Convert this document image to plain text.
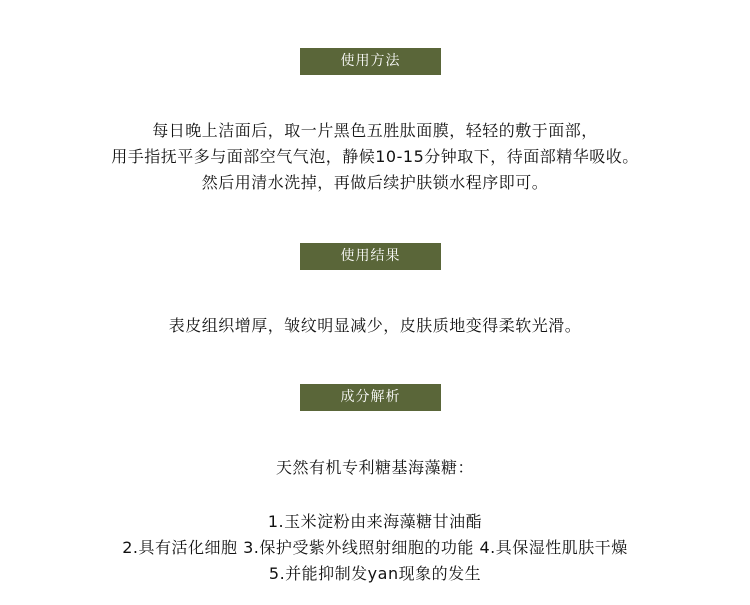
使用方法
每日晚上洁面后，取一片黑色五胜肽面膜，轻轻的敷于面部，
用手指抚平多与面部空气气泡，静候10-15分钟取下，待面部精华吸收。
然后用清水洗掉，再做后续护肤锁水程序即可。
使用结果
表皮组织增厚，皱纹明显减少，皮肤质地变得柔软光滑。
成分解析
天然有机专利糖基海藻糖：
1.玉米淀粉由来海藻糖甘油酯
2.具有活化细胞 3.保护受紫外线照射细胞的功能 4.具保湿性肌肤干燥
5.并能抑制发yan现象的发生
